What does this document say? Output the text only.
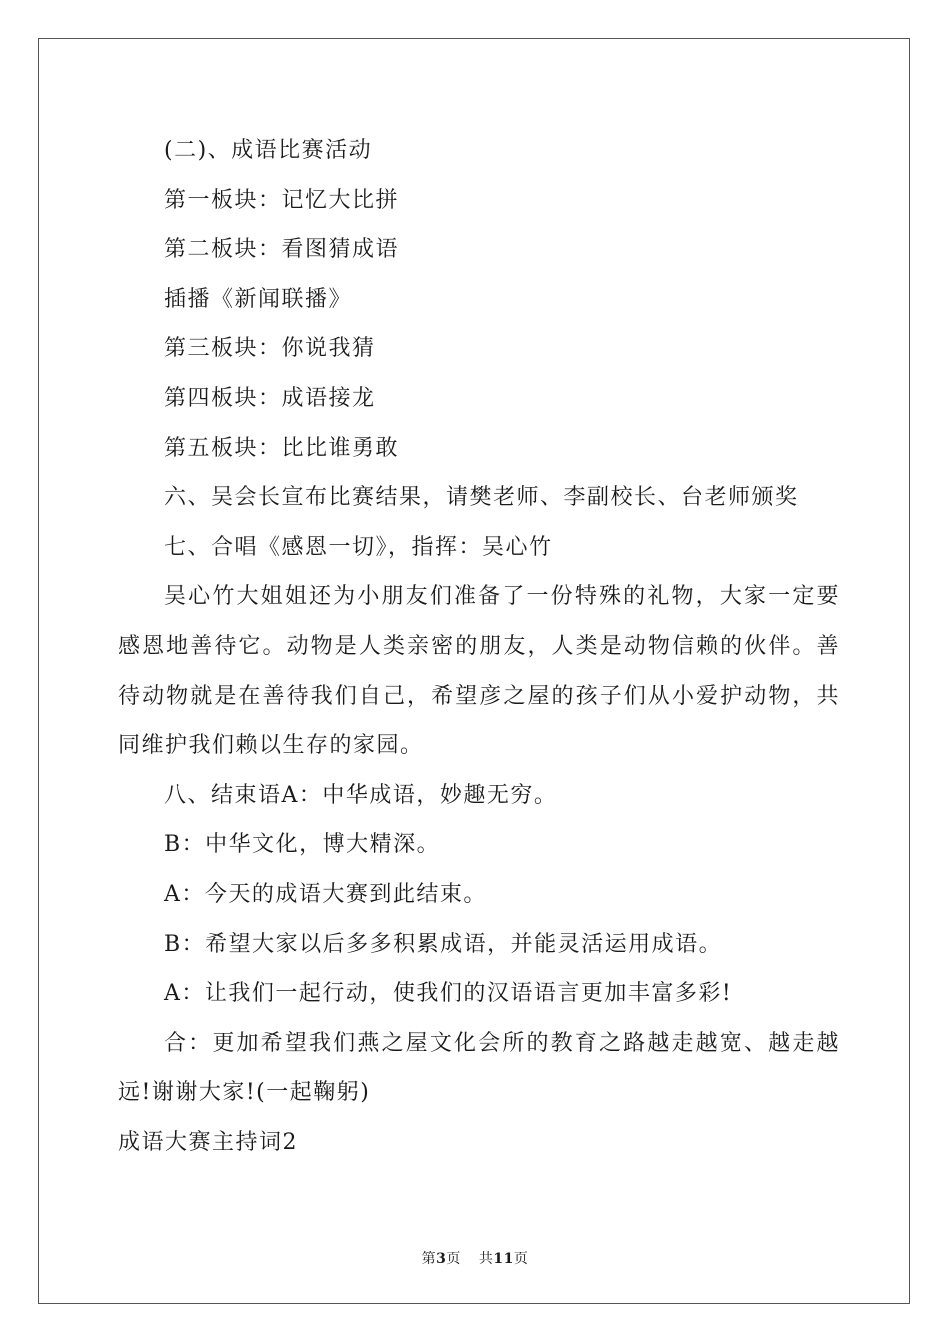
(二)、成语比赛活动
第一板块：记忆大比拼
第二板块：看图猜成语
插播《新闻联播》
第三板块：你说我猜
第四板块：成语接龙
第五板块：比比谁勇敢
六、吴会长宣布比赛结果，请樊老师、李副校长、台老师颁奖
七、合唱《感恩一切》，指挥：吴心竹

吴心竹大姐姐还为小朋友们准备了一份特殊的礼物，大家一定要感恩地善待它。动物是人类亲密的朋友，人类是动物信赖的伙伴。善待动物就是在善待我们自己，希望彦之屋的孩子们从小爱护动物，共同维护我们赖以生存的家园。

八、结束语A：中华成语，妙趣无穷。
B：中华文化，博大精深。
A：今天的成语大赛到此结束。
B：希望大家以后多多积累成语，并能灵活运用成语。
A：让我们一起行动，使我们的汉语语言更加丰富多彩!

合：更加希望我们燕之屋文化会所的教育之路越走越宽、越走越远!谢谢大家!(一起鞠躬)

成语大赛主持词2
第3页 共11页
